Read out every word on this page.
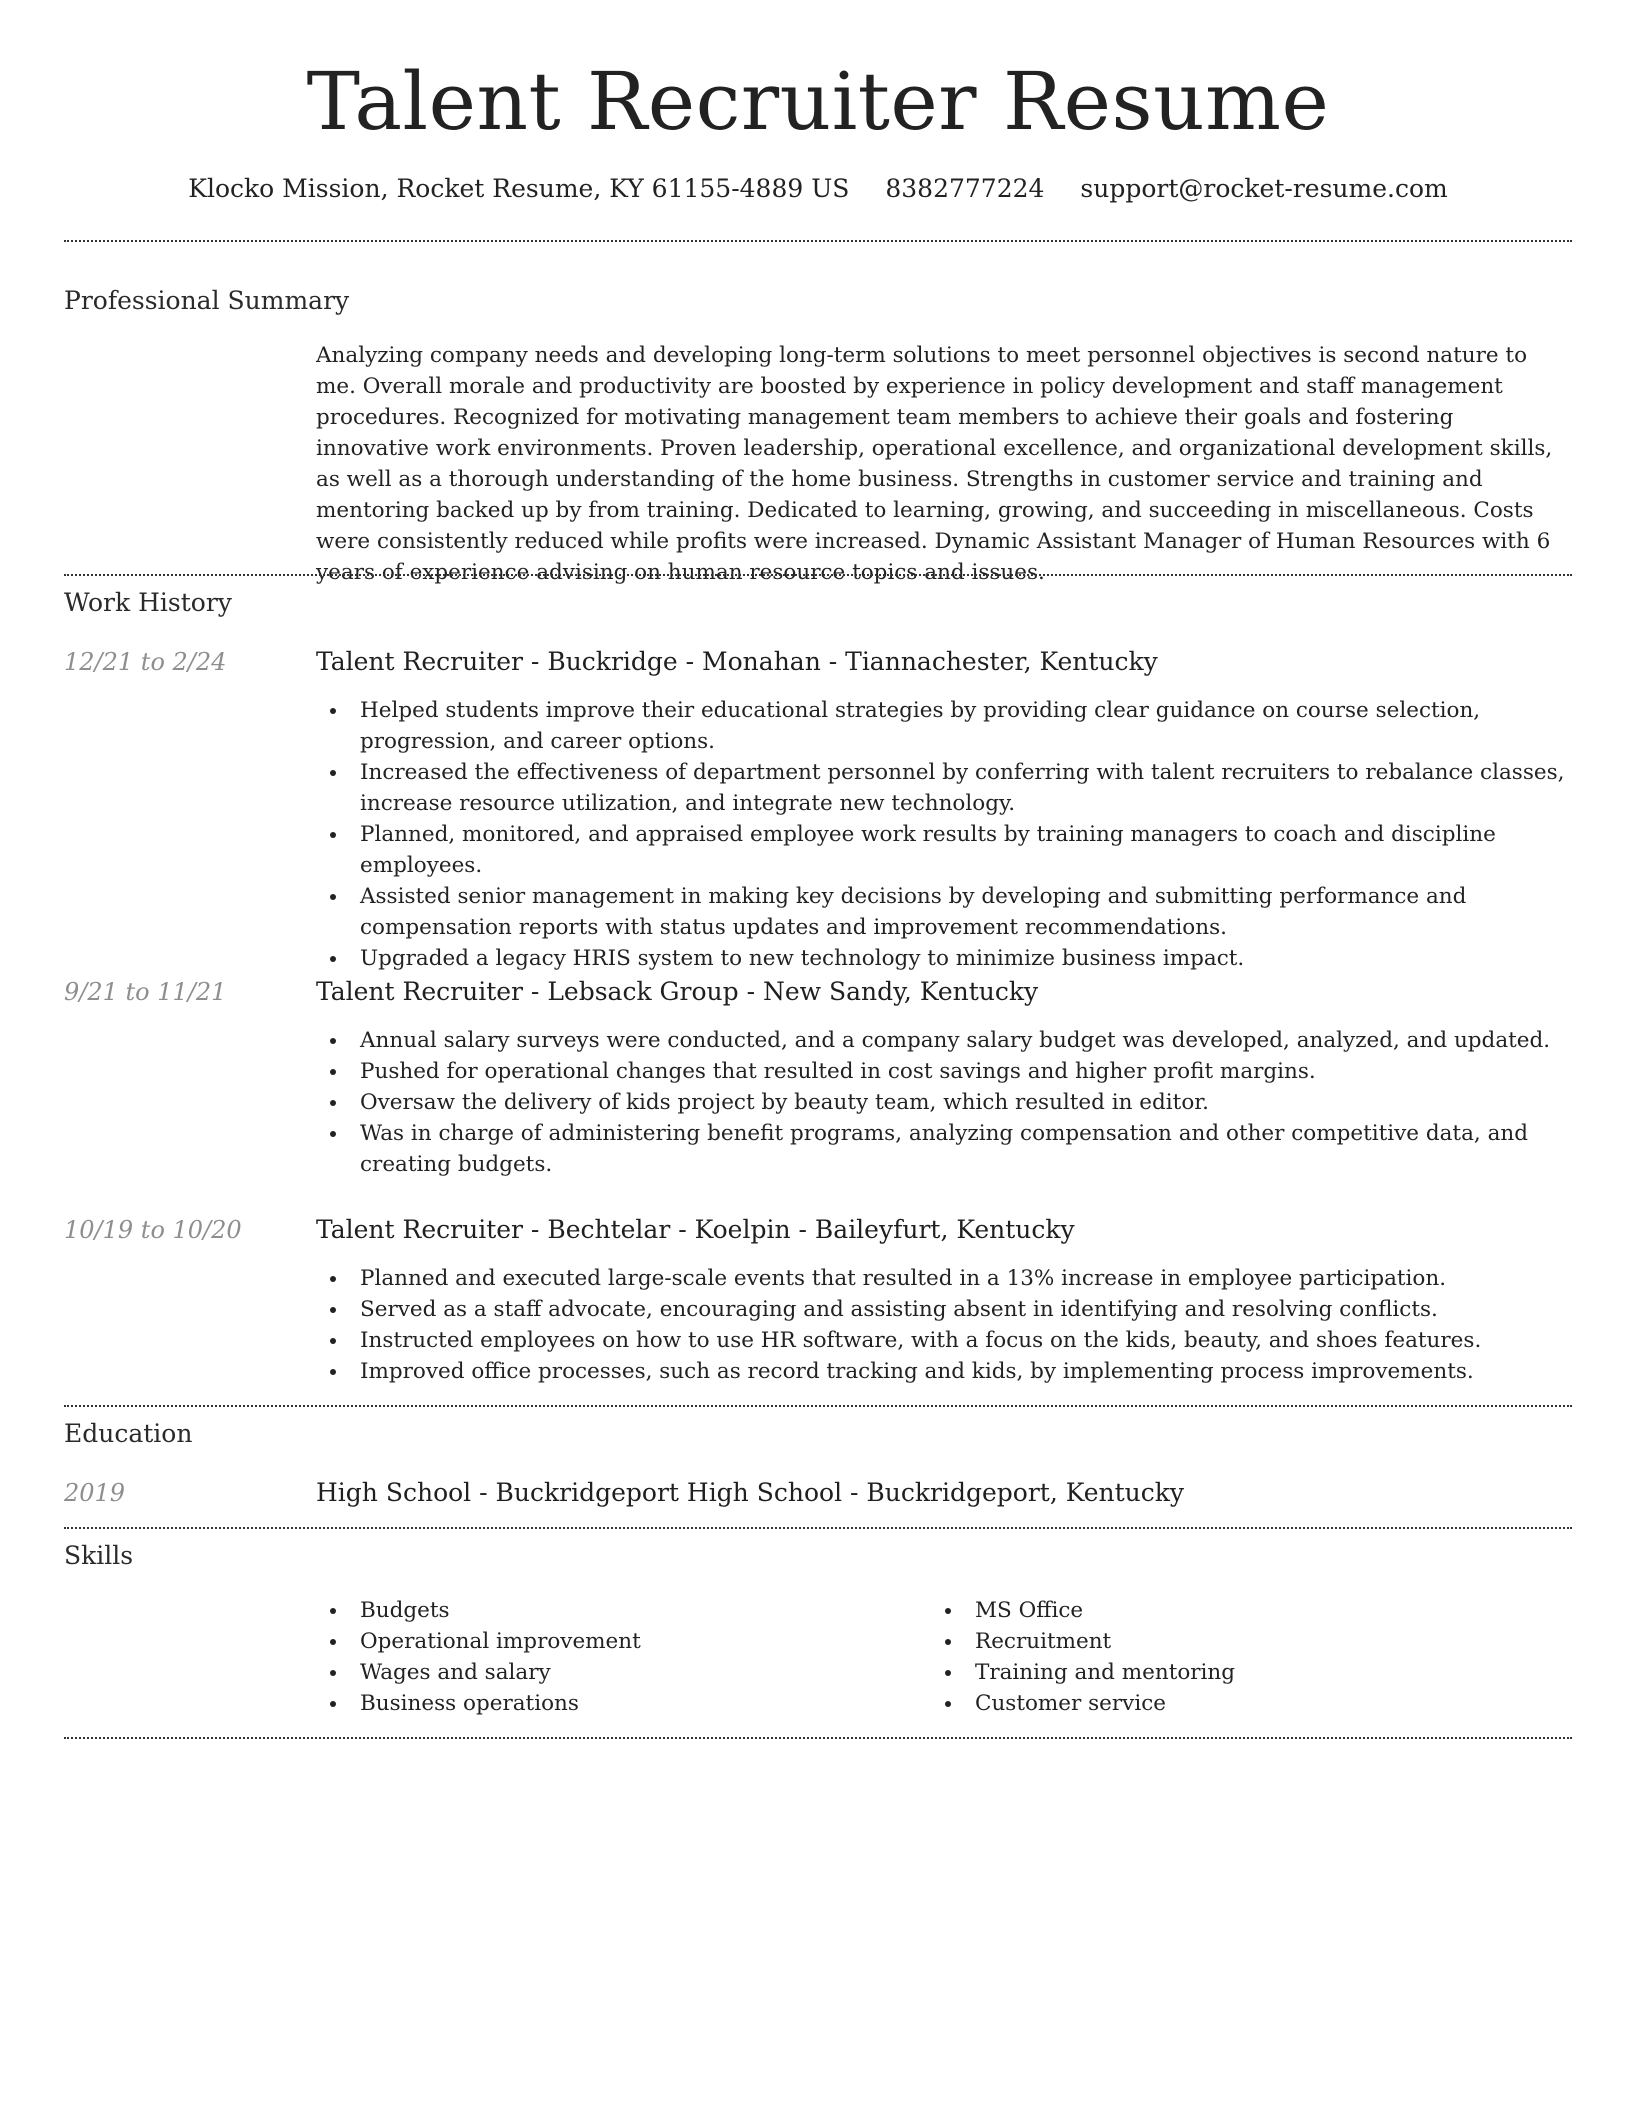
Talent Recruiter Resume
Klocko Mission, Rocket Resume, KY 61155-4889 US 8382777224 support@rocket-resume.com
Professional Summary

Analyzing company needs and developing long-term solutions to meet personnel objectives is second nature to me. Overall morale and productivity are boosted by experience in policy development and staff management procedures. Recognized for motivating management team members to achieve their goals and fostering innovative work environments. Proven leadership, operational excellence, and organizational development skills, as well as a thorough understanding of the home business. Strengths in customer service and training and mentoring backed up by from training. Dedicated to learning, growing, and succeeding in miscellaneous. Costs were consistently reduced while profits were increased. Dynamic Assistant Manager of Human Resources with 6 years of experience advising on human resource topics and issues.

Work History
12/21 to 2/24	Talent Recruiter - Buckridge - Monahan - Tiannachester, Kentucky
Helped students improve their educational strategies by providing clear guidance on course selection, progression, and career options.
Increased the effectiveness of department personnel by conferring with talent recruiters to rebalance classes, increase resource utilization, and integrate new technology.
Planned, monitored, and appraised employee work results by training managers to coach and discipline employees.
Assisted senior management in making key decisions by developing and submitting performance and compensation reports with status updates and improvement recommendations.
Upgraded a legacy HRIS system to new technology to minimize business impact.
9/21 to 11/21	Talent Recruiter - Lebsack Group - New Sandy, Kentucky
Annual salary surveys were conducted, and a company salary budget was developed, analyzed, and updated.
Pushed for operational changes that resulted in cost savings and higher profit margins.
Oversaw the delivery of kids project by beauty team, which resulted in editor.
Was in charge of administering benefit programs, analyzing compensation and other competitive data, and creating budgets.
10/19 to 10/20	Talent Recruiter - Bechtelar - Koelpin - Baileyfurt, Kentucky
Planned and executed large-scale events that resulted in a 13% increase in employee participation.
Served as a staff advocate, encouraging and assisting absent in identifying and resolving conflicts.
Instructed employees on how to use HR software, with a focus on the kids, beauty, and shoes features.
Improved office processes, such as record tracking and kids, by implementing process improvements.
Education
2019	High School - Buckridgeport High School - Buckridgeport, Kentucky
Skills
Budgets
Operational improvement
Wages and salary
Business operations
MS Office
Recruitment
Training and mentoring
Customer service
